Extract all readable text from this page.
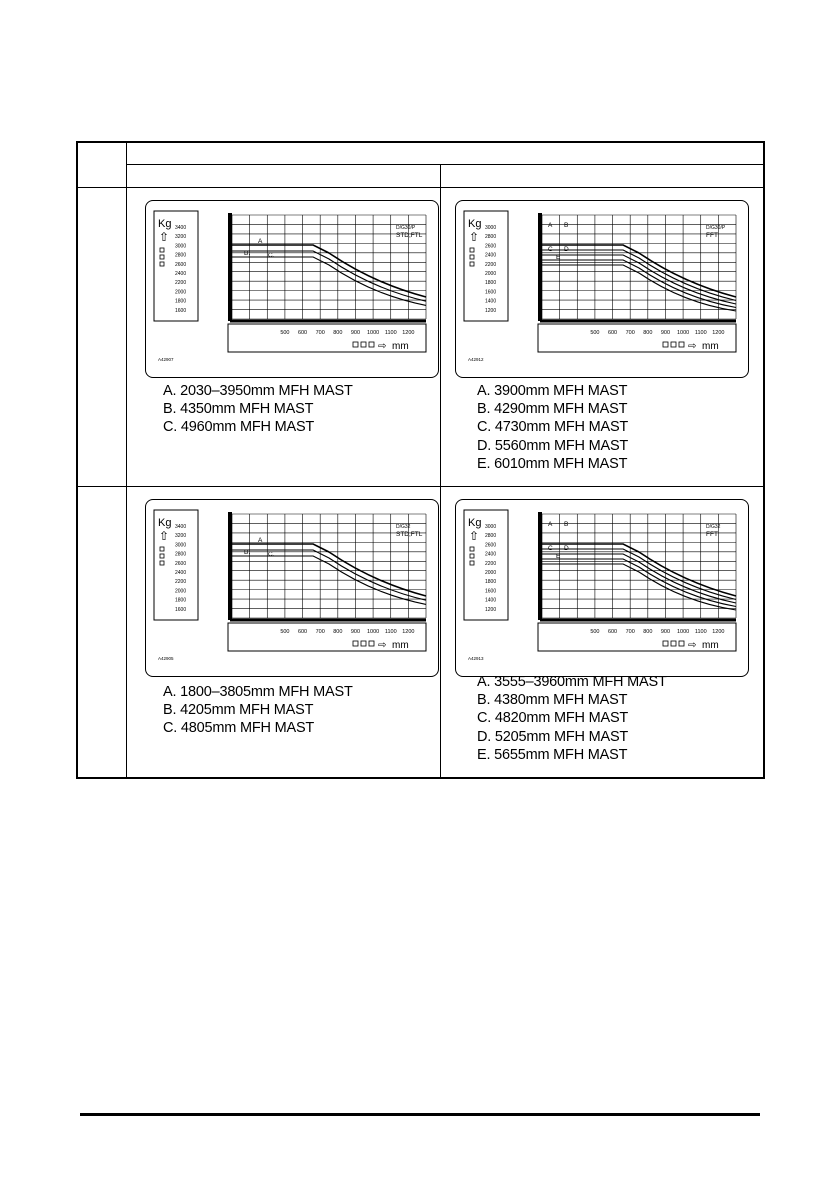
Kg
⇧
3400
3200
3000
2800
2600
2400
2200
2000
1800
1600
500 600 700 800 900 1000 1100 1200
⇨ mm
A42907
D/G30/P
STD,FTL
A
B.	C.
A. 2030–3950mm MFH MAST
B. 4350mm MFH MAST
C. 4960mm MFH MAST
Kg
⇧
3000
2800
2600
2400
2200
2000
1800
1600
1400
1200
500 600 700 800 900 1000 1100 1200
⇨ mm
A42912
D/G30/P
FFT
A B
C D
E
A. 3900mm MFH MAST
B. 4290mm MFH MAST
C. 4730mm MFH MAST
D. 5560mm MFH MAST
E. 6010mm MFH MAST
Kg
⇧
3400
3200
3000
2800
2600
2400
2200
2000
1800
1600
500 600 700 800 900 1000 1100 1200
⇨ mm
A42905
D/G32
STD,FTL
A
B.	C.
A. 1800–3805mm MFH MAST
B. 4205mm MFH MAST
C. 4805mm MFH MAST
Kg
⇧
3000
2800
2600
2400
2200
2000
1800
1600
1400
1200
500 600 700 800 900 1000 1100 1200
⇨ mm
A42913
D/G32
FFT
A B
C D
E
A. 3555–3960mm MFH MAST
B. 4380mm MFH MAST
C. 4820mm MFH MAST
D. 5205mm MFH MAST
E. 5655mm MFH MAST
